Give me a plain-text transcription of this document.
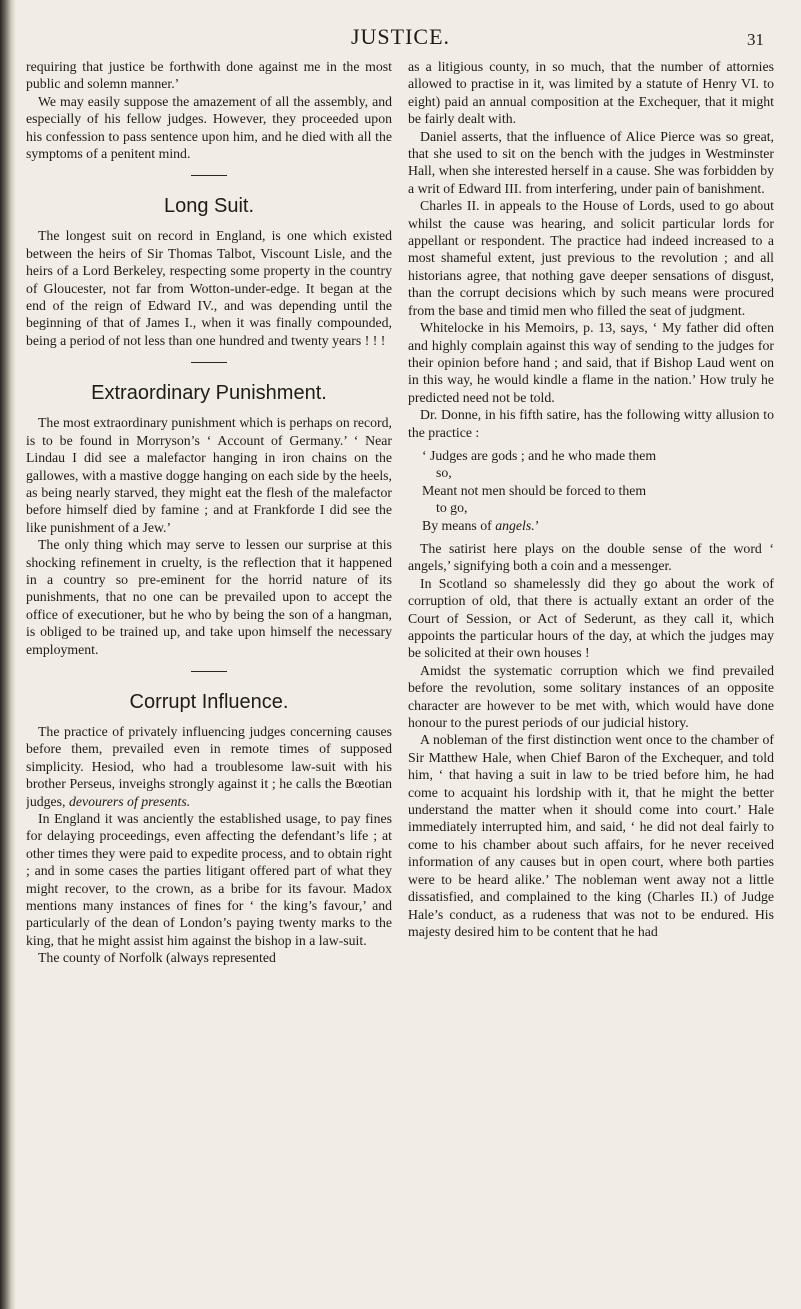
JUSTICE.	31

requiring that justice be forthwith done against me in the most public and solemn manner.’

We may easily suppose the amazement of all the assembly, and especially of his fellow judges. However, they proceeded upon his confession to pass sentence upon him, and he died with all the symptoms of a penitent mind.

Long Suit.

The longest suit on record in England, is one which existed between the heirs of Sir Thomas Talbot, Viscount Lisle, and the heirs of a Lord Berkeley, respecting some property in the country of Gloucester, not far from Wotton-under-edge. It began at the end of the reign of Edward IV., and was depending until the beginning of that of James I., when it was finally compounded, being a period of not less than one hundred and twenty years ! ! !

Extraordinary Punishment.

The most extraordinary punishment which is perhaps on record, is to be found in Morryson’s ‘ Account of Germany.’ ‘ Near Lindau I did see a malefactor hanging in iron chains on the gallowes, with a mastive dogge hanging on each side by the heels, as being nearly starved, they might eat the flesh of the malefactor before himself died by famine ; and at Frankforde I did see the like punishment of a Jew.’

The only thing which may serve to lessen our surprise at this shocking refinement in cruelty, is the reflection that it happened in a country so pre-eminent for the horrid nature of its punishments, that no one can be prevailed upon to accept the office of executioner, but he who by being the son of a hangman, is obliged to be trained up, and take upon himself the necessary employment.

Corrupt Influence.

The practice of privately influencing judges concerning causes before them, prevailed even in remote times of supposed simplicity. Hesiod, who had a troublesome law-suit with his brother Perseus, inveighs strongly against it ; he calls the Bœotian judges, devourers of presents.

In England it was anciently the established usage, to pay fines for delaying proceedings, even affecting the defendant’s life ; at other times they were paid to expedite process, and to obtain right ; and in some cases the parties litigant offered part of what they might recover, to the crown, as a bribe for its favour. Madox mentions many instances of fines for ‘ the king’s favour,’ and particularly of the dean of London’s paying twenty marks to the king, that he might assist him against the bishop in a law-suit.

The county of Norfolk (always represented

as a litigious county, in so much, that the number of attornies allowed to practise in it, was limited by a statute of Henry VI. to eight) paid an annual composition at the Exchequer, that it might be fairly dealt with.

Daniel asserts, that the influence of Alice Pierce was so great, that she used to sit on the bench with the judges in Westminster Hall, when she interested herself in a cause. She was forbidden by a writ of Edward III. from interfering, under pain of banishment.

Charles II. in appeals to the House of Lords, used to go about whilst the cause was hearing, and solicit particular lords for appellant or respondent. The practice had indeed increased to a most shameful extent, just previous to the revolution ; and all historians agree, that nothing gave deeper sensations of disgust, than the corrupt decisions which by such means were procured from the base and timid men who filled the seat of judgment.

Whitelocke in his Memoirs, p. 13, says, ‘ My father did often and highly complain against this way of sending to the judges for their opinion before hand ; and said, that if Bishop Laud went on in this way, he would kindle a flame in the nation.’ How truly he predicted need not be told.

Dr. Donne, in his fifth satire, has the following witty allusion to the practice :

‘ Judges are gods ; and he who made them
so,
Meant not men should be forced to them
to go,
By means of angels.’

The satirist here plays on the double sense of the word ‘ angels,’ signifying both a coin and a messenger.

In Scotland so shamelessly did they go about the work of corruption of old, that there is actually extant an order of the Court of Session, or Act of Sederunt, as they call it, which appoints the particular hours of the day, at which the judges may be solicited at their own houses !

Amidst the systematic corruption which we find prevailed before the revolution, some solitary instances of an opposite character are however to be met with, which would have done honour to the purest periods of our judicial history.

A nobleman of the first distinction went once to the chamber of Sir Matthew Hale, when Chief Baron of the Exchequer, and told him, ‘ that having a suit in law to be tried before him, he had come to acquaint his lordship with it, that he might the better understand the matter when it should come into court.’ Hale immediately interrupted him, and said, ‘ he did not deal fairly to come to his chamber about such affairs, for he never received information of any causes but in open court, where both parties were to be heard alike.’ The nobleman went away not a little dissatisfied, and complained to the king (Charles II.) of Judge Hale’s conduct, as a rudeness that was not to be endured. His majesty desired him to be content that he had
